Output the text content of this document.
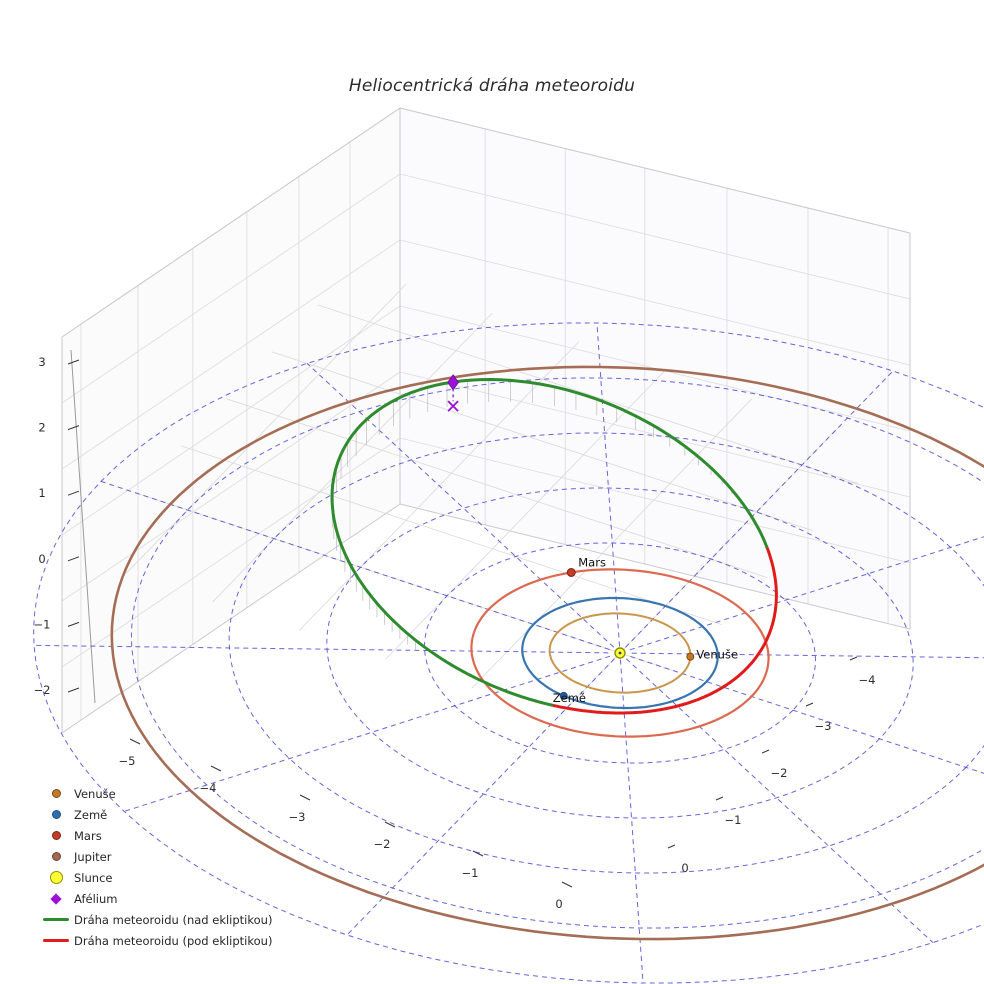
−5
−4
−3
−2
−1
0
−4
−3
−2
−1
0
3
2
1
0
−1
−2
Venuše
Země
Mars
Heliocentrická dráha meteoroidu
Venuše
Země
Mars
Jupiter
Slunce
Afélium
Dráha meteoroidu (nad ekliptikou)
Dráha meteoroidu (pod ekliptikou)
